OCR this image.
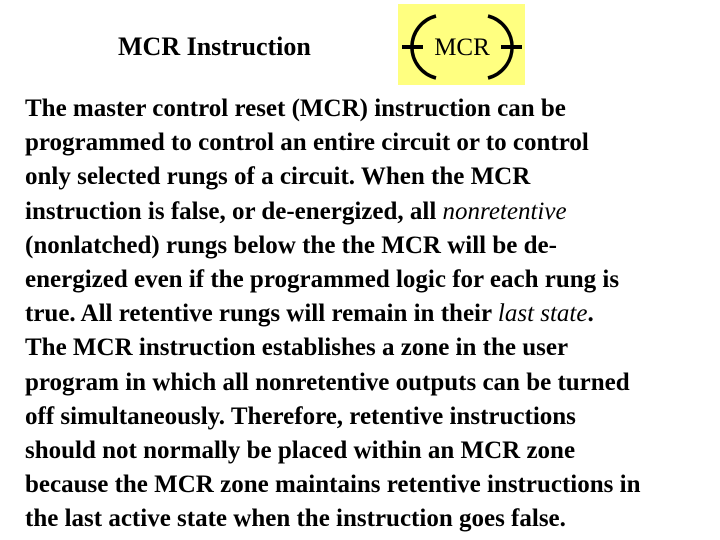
MCR Instruction	MCR

The master control reset (MCR) instruction can be
programmed to control an entire circuit or to control
only selected rungs of a circuit. When the MCR
instruction is false, or de-energized, all nonretentive
(nonlatched) rungs below the the MCR will be de-
energized even if the programmed logic for each rung is
true. All retentive rungs will remain in their last state.
The MCR instruction establishes a zone in the user
program in which all nonretentive outputs can be turned
off simultaneously. Therefore, retentive instructions
should not normally be placed within an MCR zone
because the MCR zone maintains retentive instructions in
the last active state when the instruction goes false.
